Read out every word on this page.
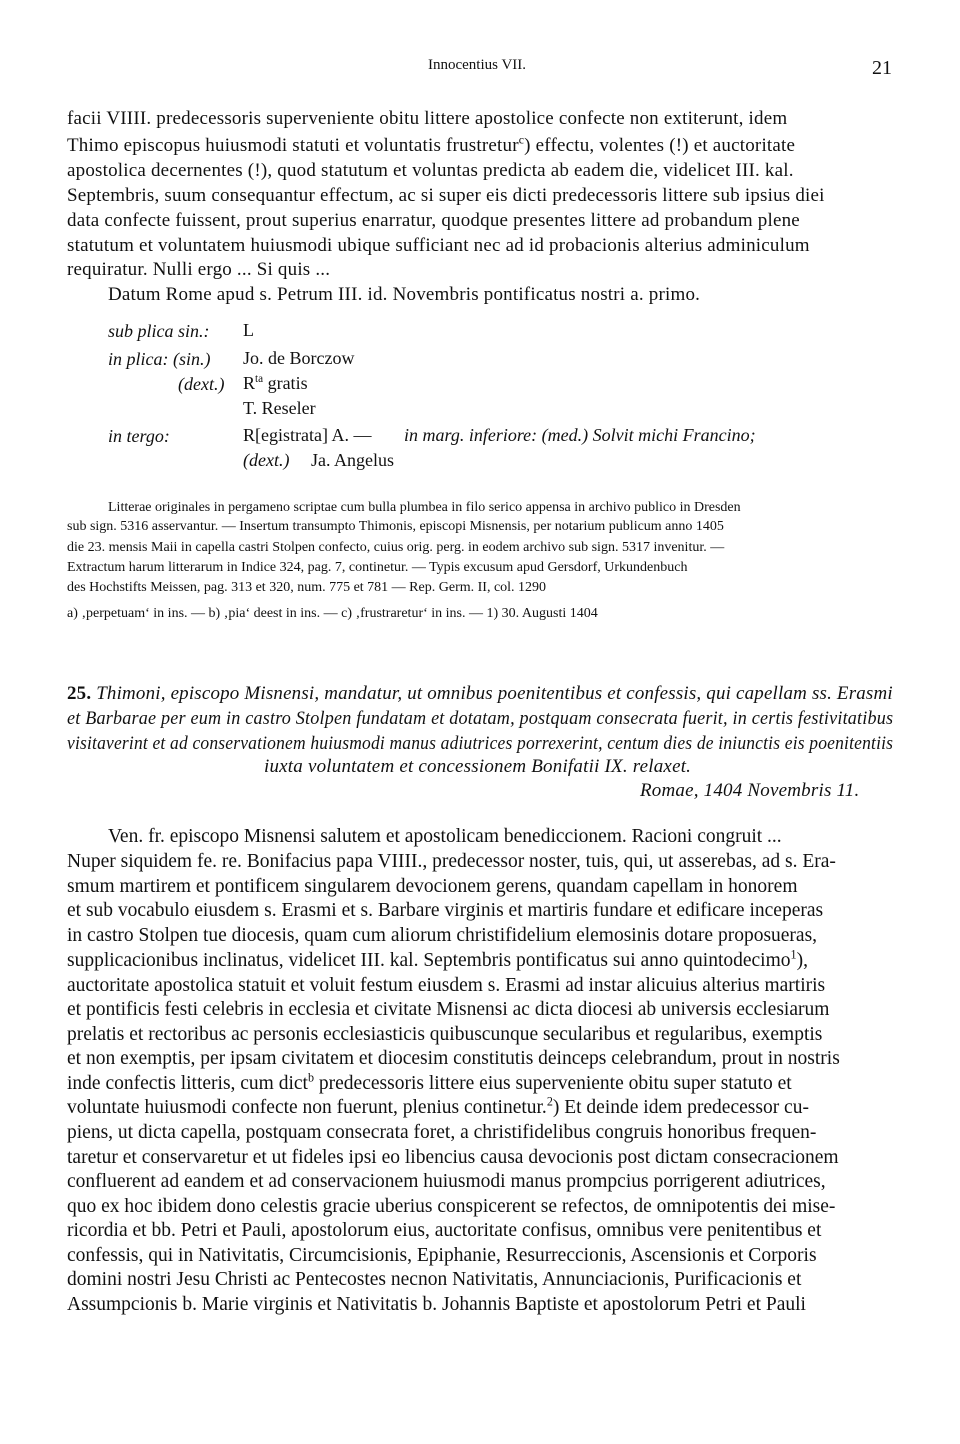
Innocentius VII.	21

facii VIIII. predecessoris superveniente obitu littere apostolice confecte non extiterunt, idem

Thimo episcopus huiusmodi statuti et voluntatis frustretur$^c$) effectu, volentes (!) et auctoritate

apostolica decernentes (!), quod statutum et voluntas predicta ab eadem die, videlicet III. kal.

Septembris, suum consequantur effectum, ac si super eis dicti predecessoris littere sub ipsius diei

data confecte fuissent, prout superius enarratur, quodque presentes littere ad probandum plene

statutum et voluntatem huiusmodi ubique sufficiant nec ad id probacionis alterius adminiculum

requiratur. Nulli ergo ... Si quis ...

Datum Rome apud s. Petrum III. id. Novembris pontificatus nostri a. primo.

sub plica sin.: L
in plica: (sin.) Jo. de Borczow
(dext.) $R^{ta}$ gratis
T. Reseler
in tergo:	R[egistrata] A. — in marg. inferiore: (med.) Solvit michi Francino;
(dext.) Ja. Angelus

Litterae originales in pergameno scriptae cum bulla plumbea in filo serico appensa in archivo publico in Dresden

sub sign. 5316 asservantur. — Insertum transumpto Thimonis, episcopi Misnensis, per notarium publicum anno 1405

die 23. mensis Maii in capella castri Stolpen confecto, cuius orig. perg. in eodem archivo sub sign. 5317 invenitur. —

Extractum harum litterarum in Indice 324, pag. 7, continetur. — Typis excusum apud Gersdorf, Urkundenbuch

des Hochstifts Meissen, pag. 313 et 320, num. 775 et 781 — Rep. Germ. II, col. 1290

a) ‚perpetuam‘ in ins. — b) ‚pia‘ deest in ins. — c) ‚frustraretur‘ in ins. — 1) 30. Augusti 1404

25. Thimoni, episcopo Misnensi, mandatur, ut omnibus poenitentibus et confessis, qui capellam ss. Erasmi

et Barbarae per eum in castro Stolpen fundatam et dotatam, postquam consecrata fuerit, in certis festivitatibus

visitaverint et ad conservationem huiusmodi manus adiutrices porrexerint, centum dies de iniunctis eis poenitentiis

iuxta voluntatem et concessionem Bonifatii IX. relaxet.

Romae, 1404 Novembris 11.

Ven. fr. episcopo Misnensi salutem et apostolicam benediccionem. Racioni congruit ...

Nuper siquidem fe. re. Bonifacius papa VIIII., predecessor noster, tuis, qui, ut asserebas, ad s. Era-

smum martirem et pontificem singularem devocionem gerens, quandam capellam in honorem

et sub vocabulo eiusdem s. Erasmi et s. Barbare virginis et martiris fundare et edificare inceperas

in castro Stolpen tue diocesis, quam cum aliorum christifidelium elemosinis dotare proposueras,

supplicacionibus inclinatus, videlicet III. kal. Septembris pontificatus sui anno quintodecimo$^1$),

auctoritate apostolica statuit et voluit festum eiusdem s. Erasmi ad instar alicuius alterius martiris

et pontificis festi celebris in ecclesia et civitate Misnensi ac dicta diocesi ab universis ecclesiarum

prelatis et rectoribus ac personis ecclesiasticis quibuscunque secularibus et regularibus, exemptis

et non exemptis, per ipsam civitatem et diocesim constitutis deinceps celebrandum, prout in nostris

inde confectis litteris, cum dict$^b$ predecessoris littere eius superveniente obitu super statuto et

voluntate huiusmodi confecte non fuerunt, plenius continetur.$^2$) Et deinde idem predecessor cu-

piens, ut dicta capella, postquam consecrata foret, a christifidelibus congruis honoribus frequen-

taretur et conservaretur et ut fideles ipsi eo libencius causa devocionis post dictam consecracionem

confluerent ad eandem et ad conservacionem huiusmodi manus prompcius porrigerent adiutrices,

quo ex hoc ibidem dono celestis gracie uberius conspicerent se refectos, de omnipotentis dei mise-

ricordia et bb. Petri et Pauli, apostolorum eius, auctoritate confisus, omnibus vere penitentibus et

confessis, qui in Nativitatis, Circumcisionis, Epiphanie, Resurreccionis, Ascensionis et Corporis

domini nostri Jesu Christi ac Pentecostes necnon Nativitatis, Annunciacionis, Purificacionis et

Assumpcionis b. Marie virginis et Nativitatis b. Johannis Baptiste et apostolorum Petri et Pauli
